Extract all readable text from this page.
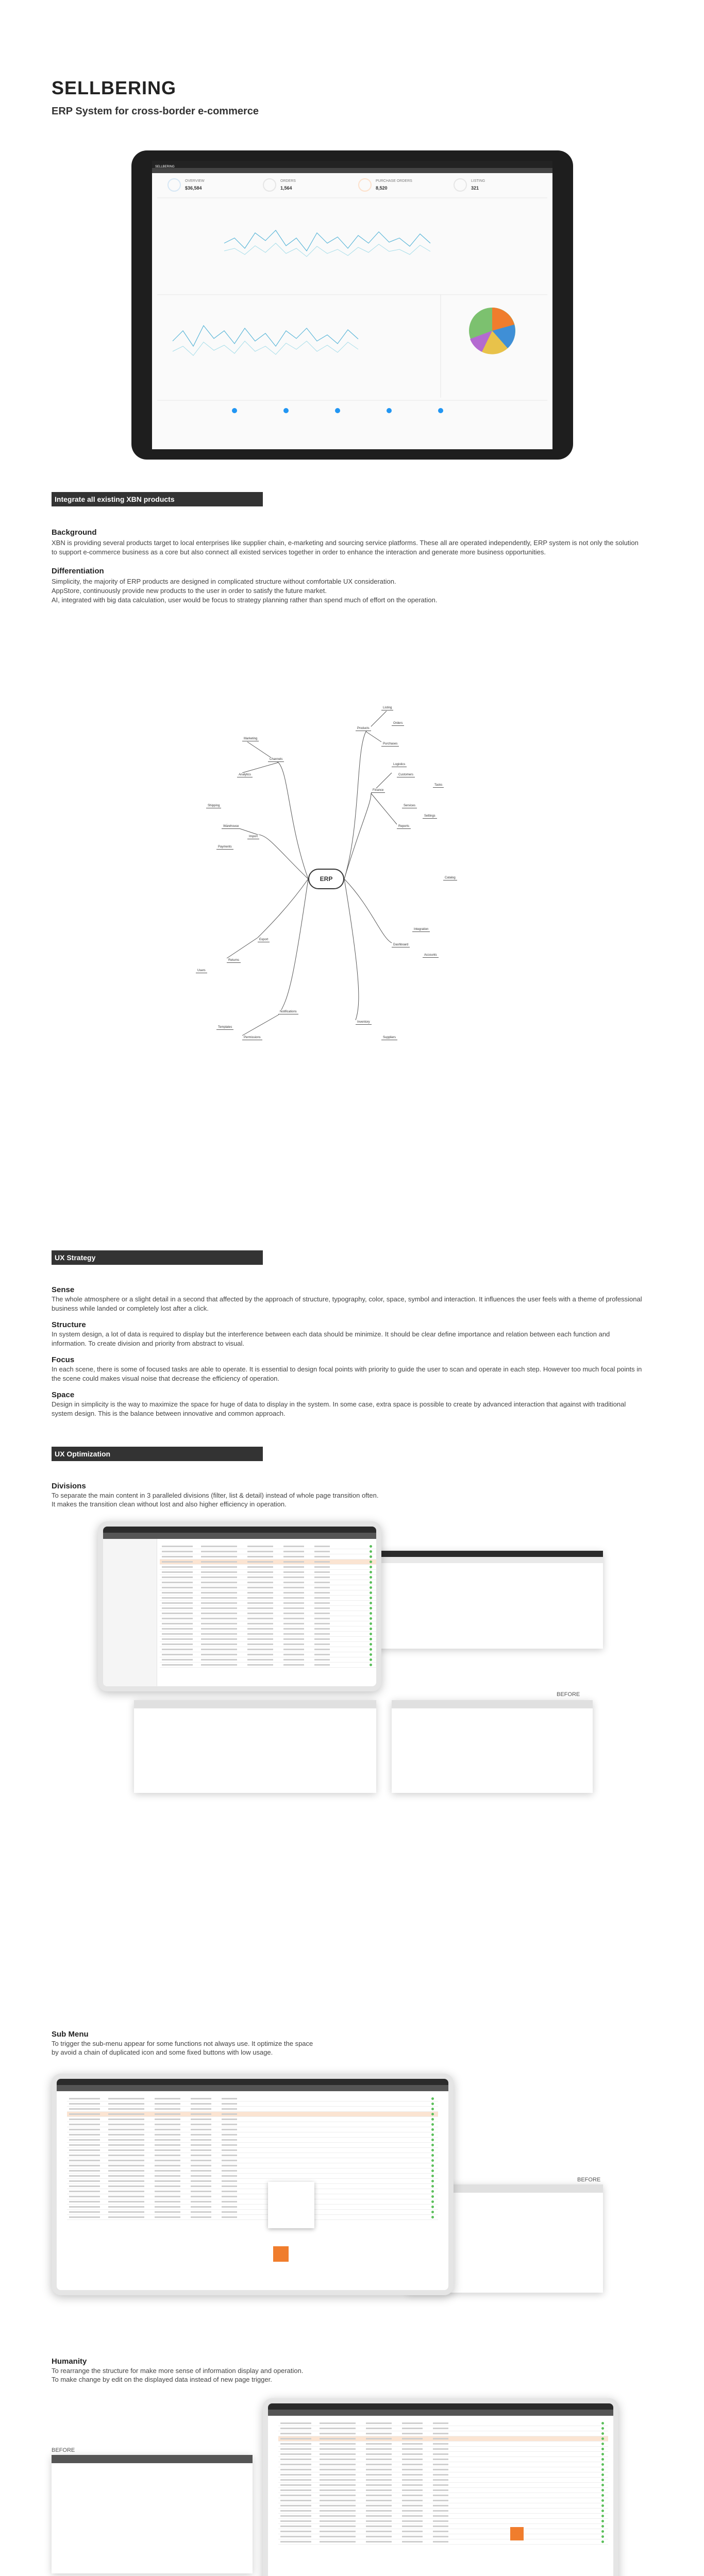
SELLBERING
ERP System for cross-border e-commerce
SELLBERING
OVERVIEW
$36,584
ORDERS
1,564
PURCHASE ORDERS
8,520
LISTING
321
Integrate all existing XBN products
Background
XBN is providing several products target to local enterprises like supplier chain, e-marketing and sourcing service platforms. These all are operated independently, ERP system is not only the solution to support e-commerce business as a core but also connect all existed services together in order to enhance the interaction and generate more business opportunities.
Differentiation
Simplicity, the majority of ERP products are designed in complicated structure without comfortable UX consideration.
AppStore, continuously provide new products to the user in order to satisfy the future market.
AI, integrated with big data calculation, user would be focus to strategy planning rather than spend much of effort on the operation.
ERP
Products
Listing
Orders
Purchases
Logistics
Finance
Customers
Services
Reports
Settings
Dashboard
Integration
Accounts
Inventory
Suppliers
Marketing
Analytics
Warehouse
Shipping
Payments
Returns
Users
Permissions
Templates
Channels
Import
Export
Notifications
Tasks
Catalog
UX Strategy
Sense
The whole atmosphere or a slight detail in a second that affected by the approach of structure, typography, color, space, symbol and interaction. It influences the user feels with a theme of professional business while landed or completely lost after a click.
Structure
In system design, a lot of data is required to display but the interference between each data should be minimize. It should be clear define importance and relation between each function and information. To create division and priority from abstract to visual.
Focus
In each scene, there is some of focused tasks are able to operate. It is essential to design focal points with priority to guide the user to scan and operate in each step. However too much focal points in the scene could makes visual noise that decrease the efficiency of operation.
Space
Design in simplicity is the way to maximize the space for huge of data to display in the system. In some case, extra space is possible to create by advanced interaction that against with traditional system design. This is the balance between innovative and common approach.
UX Optimization
Divisions
To separate the main content in 3 paralleled divisions (filter, list & detail) instead of whole page transition often.
It makes the transition clean without lost and also higher efficiency in operation.
BEFORE
Sub Menu
To trigger the sub-menu appear for some functions not always use. It optimize the space
by avoid a chain of duplicated icon and some fixed buttons with low usage.
BEFORE
Humanity
To rearrange the structure for make more sense of information display and operation.
To make change by edit on the displayed data instead of new page trigger.
BEFORE
